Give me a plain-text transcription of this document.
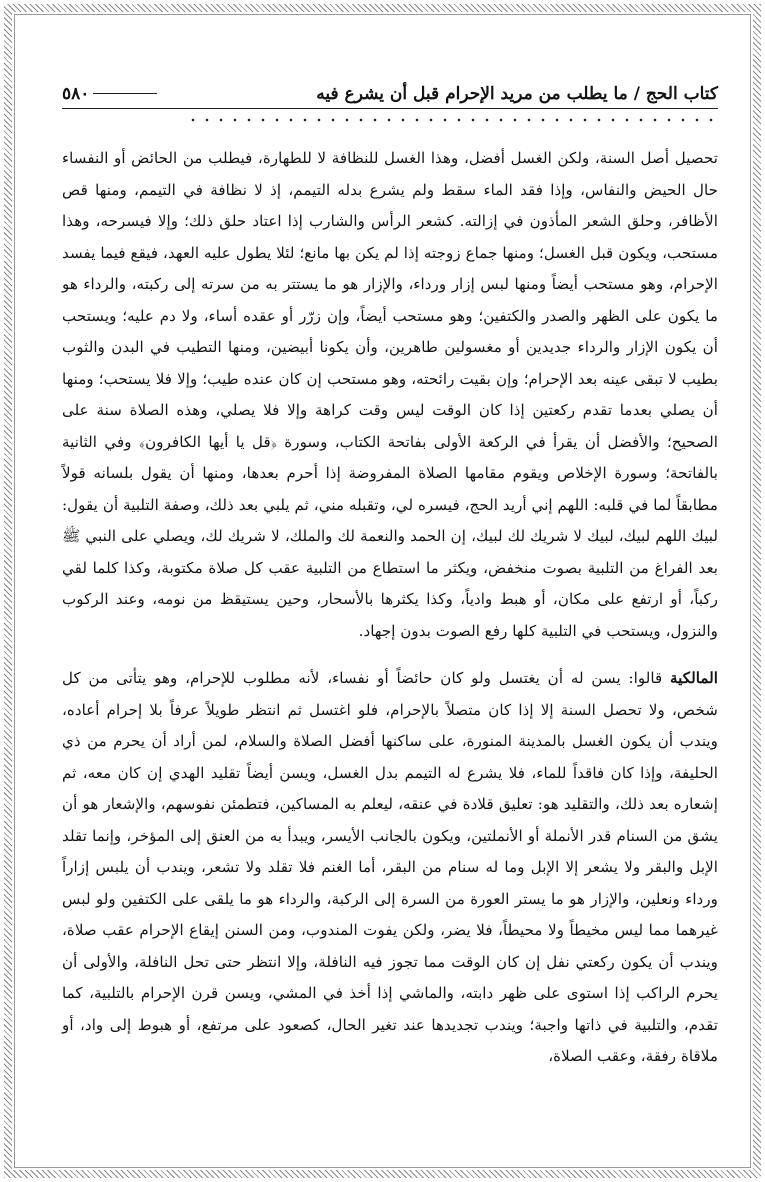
كتاب الحج / ما يطلب من مريد الإحرام قبل أن يشرع فيه
٥٨٠

تحصيل أصل السنة، ولكن الغسل أفضل، وهذا الغسل للنظافة لا للطهارة، فيطلب من الحائض أو النفساء حال الحيض والنفاس، وإذا فقد الماء سقط ولم يشرع بدله التيمم، إذ لا نظافة في التيمم، ومنها قص الأظافر، وحلق الشعر المأذون في إزالته. كشعر الرأس والشارب إذا اعتاد حلق ذلك؛ وإلا فيسرحه، وهذا مستحب، ويكون قبل الغسل؛ ومنها جماع زوجته إذا لم يكن بها مانع؛ لئلا يطول عليه العهد، فيقع فيما يفسد الإحرام، وهو مستحب أيضاً ومنها لبس إزار ورداء، والإزار هو ما يستتر به من سرته إلى ركبته، والرداء هو ما يكون على الظهر والصدر والكتفين؛ وهو مستحب أيضاً، وإن زرّر أو عقده أساء، ولا دم عليه؛ ويستحب أن يكون الإزار والرداء جديدين أو مغسولين طاهرين، وأن يكونا أبيضين، ومنها التطيب في البدن والثوب بطيب لا تبقى عينه بعد الإحرام؛ وإن بقيت رائحته، وهو مستحب إن كان عنده طيب؛ وإلا فلا يستحب؛ ومنها أن يصلي بعدما تقدم ركعتين إذا كان الوقت ليس وقت كراهة وإلا فلا يصلي، وهذه الصلاة سنة على الصحيح؛ والأفضل أن يقرأ في الركعة الأولى بفاتحة الكتاب، وسورة ﴿قل يا أيها الكافرون﴾ وفي الثانية بالفاتحة؛ وسورة الإخلاص ويقوم مقامها الصلاة المفروضة إذا أحرم بعدها، ومنها أن يقول بلسانه قولاً مطابقاً لما في قلبه: اللهم إني أريد الحج، فيسره لي، وتقبله مني، ثم يلبي بعد ذلك، وصفة التلبية أن يقول: لبيك اللهم لبيك، لبيك لا شريك لك لبيك، إن الحمد والنعمة لك والملك، لا شريك لك، ويصلي على النبي ﷺ بعد الفراغ من التلبية بصوت منخفض، ويكثر ما استطاع من التلبية عقب كل صلاة مكتوبة، وكذا كلما لقي ركباً، أو ارتفع على مكان، أو هبط وادياً، وكذا يكثرها بالأسحار، وحين يستيقظ من نومه، وعند الركوب والنزول، ويستحب في التلبية كلها رفع الصوت بدون إجهاد.

المالكية قالوا: يسن له أن يغتسل ولو كان حائضاً أو نفساء، لأنه مطلوب للإحرام، وهو يتأتى من كل شخص، ولا تحصل السنة إلا إذا كان متصلاً بالإحرام، فلو اغتسل ثم انتظر طويلاً عرفاً بلا إحرام أعاده، ويندب أن يكون الغسل بالمدينة المنورة، على ساكنها أفضل الصلاة والسلام، لمن أراد أن يحرم من ذي الحليفة، وإذا كان فاقداً للماء، فلا يشرع له التيمم بدل الغسل، ويسن أيضاً تقليد الهدي إن كان معه، ثم إشعاره بعد ذلك، والتقليد هو: تعليق قلادة في عنقه، ليعلم به المساكين، فتطمئن نفوسهم، والإشعار هو أن يشق من السنام قدر الأنملة أو الأنملتين، ويكون بالجانب الأيسر، ويبدأ به من العنق إلى المؤخر، وإنما تقلد الإبل والبقر ولا يشعر إلا الإبل وما له سنام من البقر، أما الغنم فلا تقلد ولا تشعر، ويندب أن يلبس إزاراً ورداء ونعلين، والإزار هو ما يستر العورة من السرة إلى الركبة، والرداء هو ما يلقى على الكتفين ولو لبس غيرهما مما ليس مخيطاً ولا محيطاً، فلا يضر، ولكن يفوت المندوب، ومن السنن إيقاع الإحرام عقب صلاة، ويندب أن يكون ركعتي نفل إن كان الوقت مما تجوز فيه النافلة، وإلا انتظر حتى تحل النافلة، والأولى أن يحرم الراكب إذا استوى على ظهر دابته، والماشي إذا أخذ في المشي، ويسن قرن الإحرام بالتلبية، كما تقدم، والتلبية في ذاتها واجبة؛ ويندب تجديدها عند تغير الحال، كصعود على مرتفع، أو هبوط إلى واد، أو ملاقاة رفقة، وعقب الصلاة،
